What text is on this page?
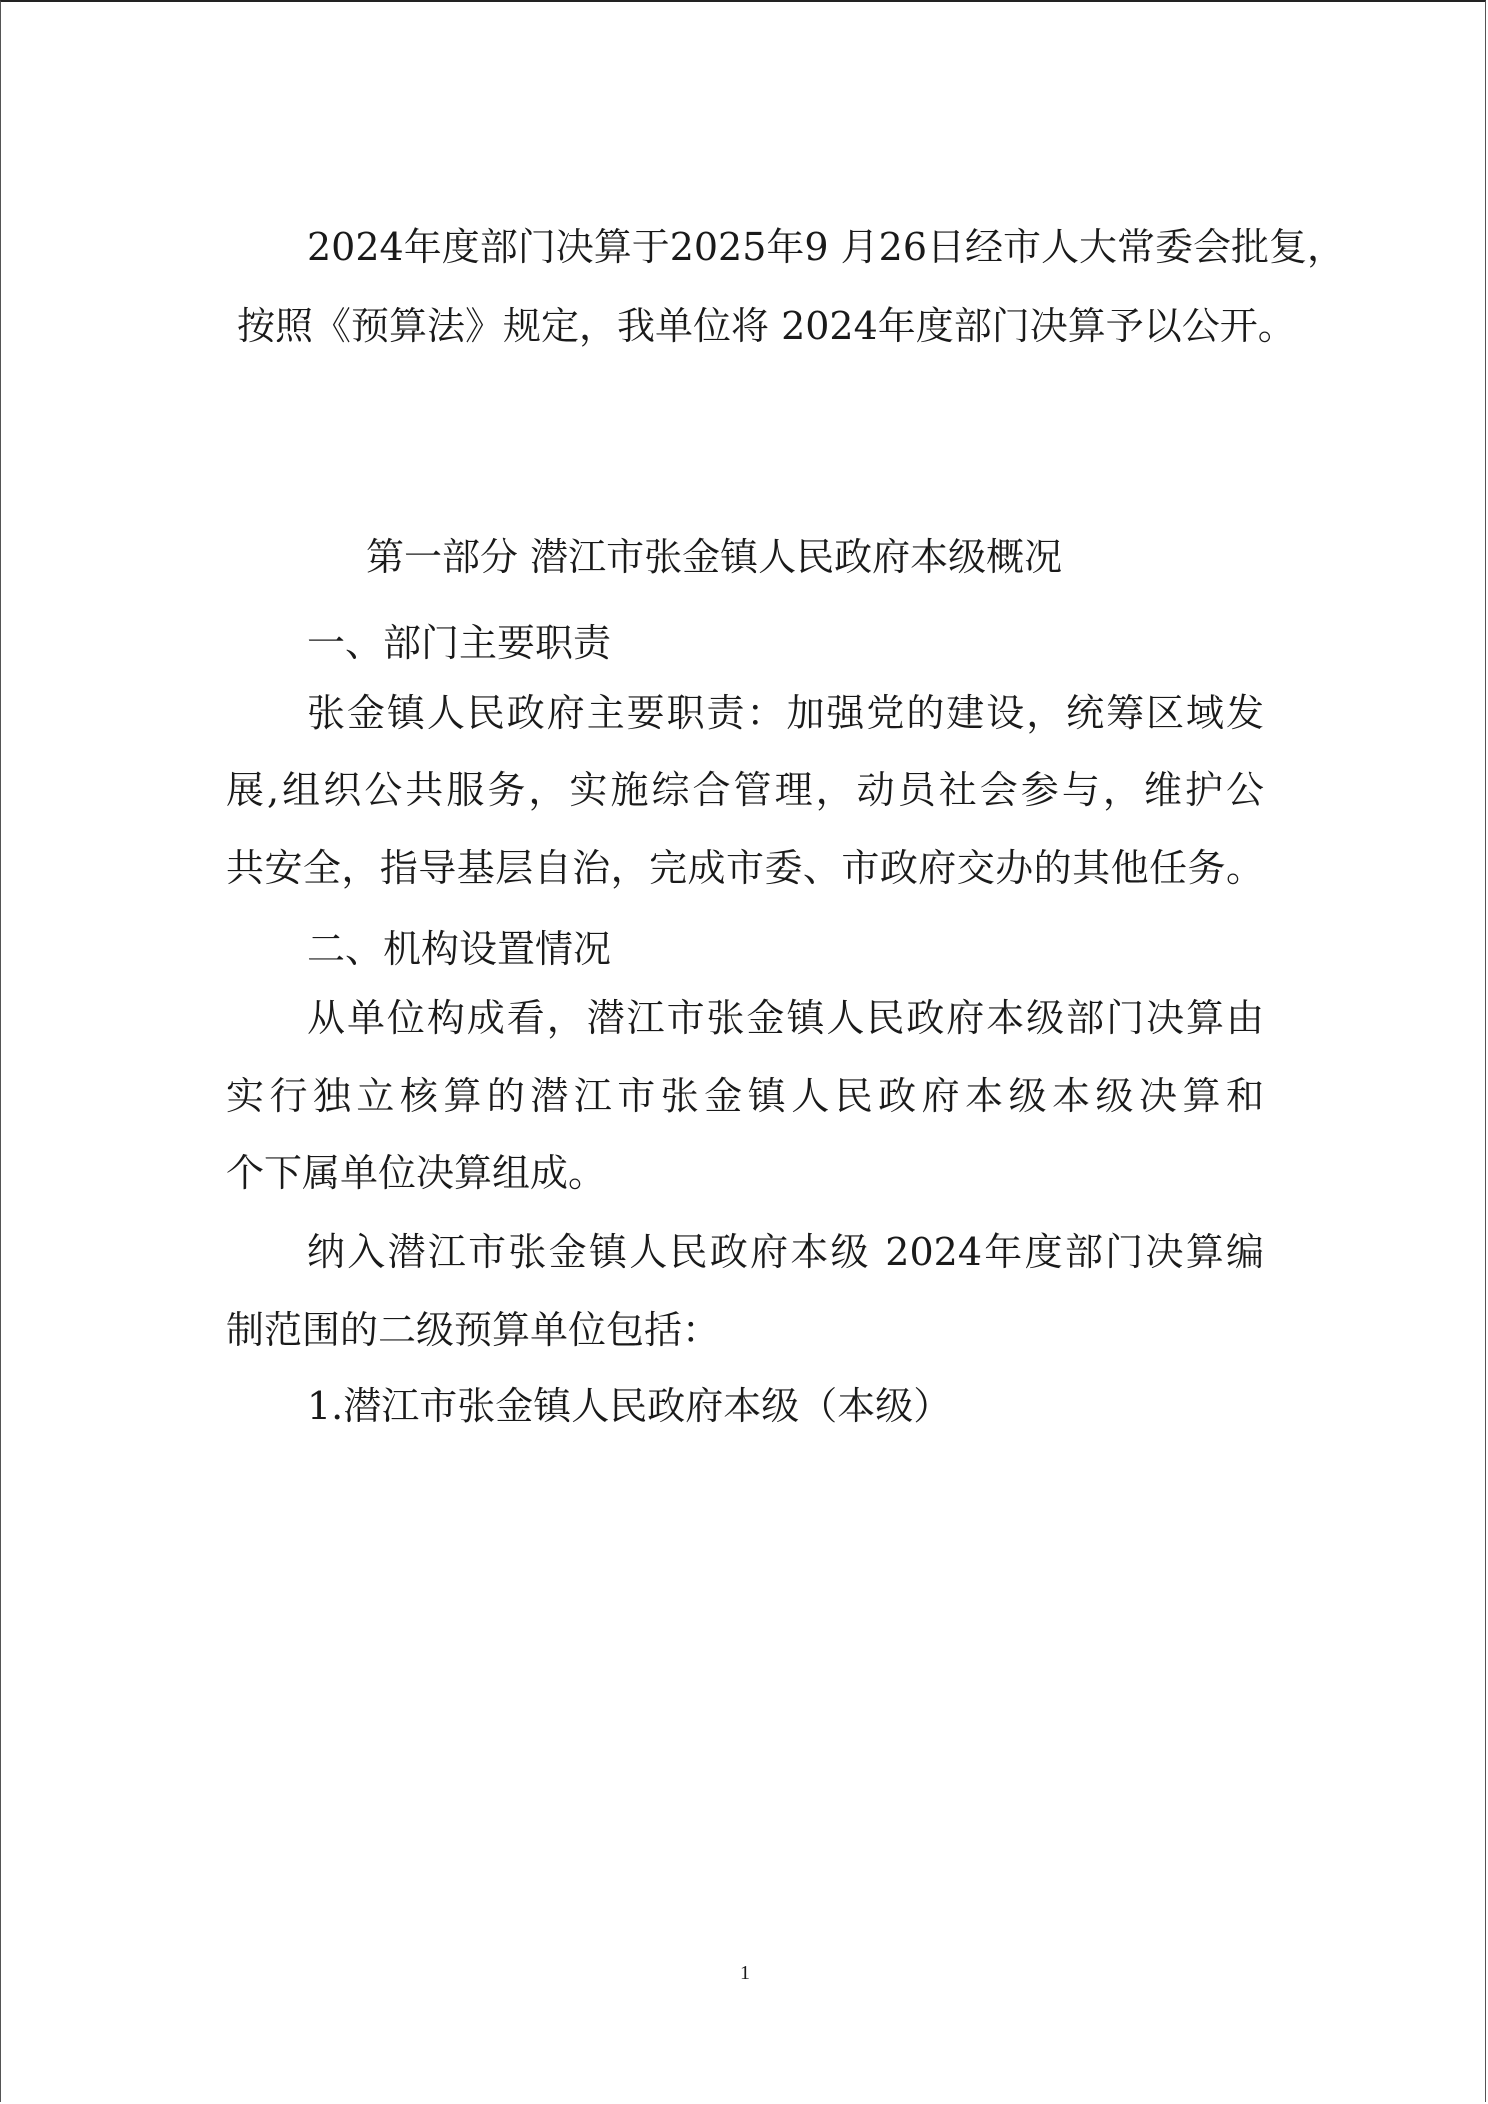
2024年度部门决算于2025年9 月26日经市人大常委会批复，
按照《预算法》规定，我单位将 2024年度部门决算予以公开。
第一部分 潜江市张金镇人民政府本级概况
一、部门主要职责
张金镇人民政府主要职责：加强党的建设，统筹区域发
展,组织公共服务，实施综合管理，动员社会参与，维护公
共安全，指导基层自治，完成市委、市政府交办的其他任务。
二、机构设置情况
从单位构成看，潜江市张金镇人民政府本级部门决算由
实行独立核算的潜江市张金镇人民政府本级本级决算和
个下属单位决算组成。
纳入潜江市张金镇人民政府本级 2024年度部门决算编
制范围的二级预算单位包括：
1.潜江市张金镇人民政府本级（本级）
1
